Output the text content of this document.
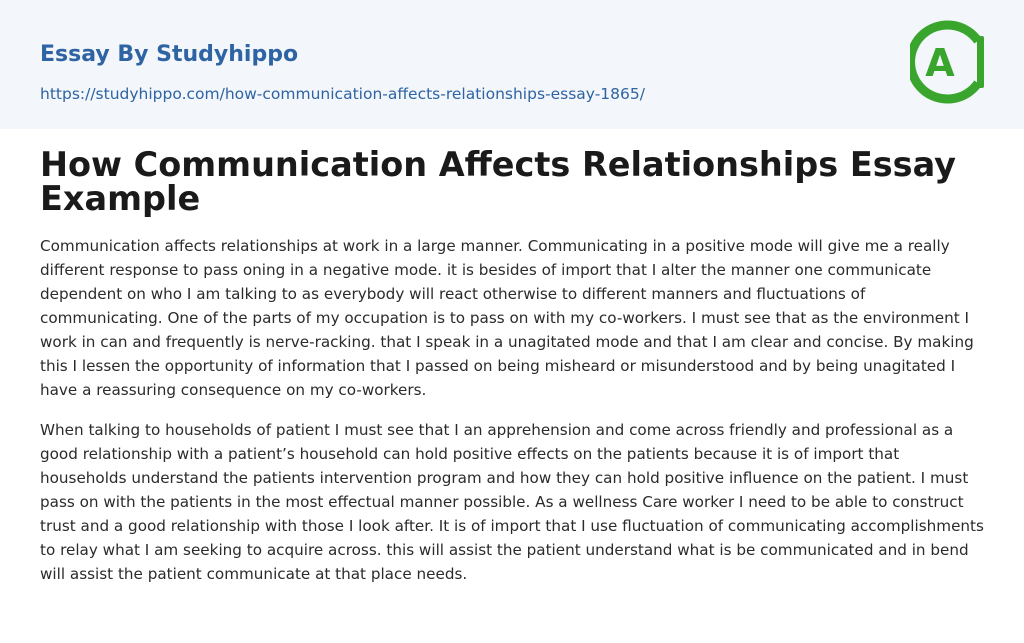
Essay By Studyhippo
https://studyhippo.com/how-communication-affects-relationships-essay-1865/
A
How Communication Affects Relationships Essay Example

Communication affects relationships at work in a large manner. Communicating in a positive mode will give me a really different response to pass oning in a negative mode. it is besides of import that I alter the manner one communicate dependent on who I am talking to as everybody will react otherwise to different manners and fluctuations of communicating. One of the parts of my occupation is to pass on with my co-workers. I must see that as the environment I work in can and frequently is nerve-racking. that I speak in a unagitated mode and that I am clear and concise. By making this I lessen the opportunity of information that I passed on being misheard or misunderstood and by being unagitated I have a reassuring consequence on my co-workers.

When talking to households of patient I must see that I an apprehension and come across friendly and professional as a good relationship with a patient’s household can hold positive effects on the patients because it is of import that households understand the patients intervention program and how they can hold positive influence on the patient. I must pass on with the patients in the most effectual manner possible. As a wellness Care worker I need to be able to construct trust and a good relationship with those I look after. It is of import that I use fluctuation of communicating accomplishments to relay what I am seeking to acquire across. this will assist the patient understand what is be communicated and in bend will assist the patient communicate at that place needs.
